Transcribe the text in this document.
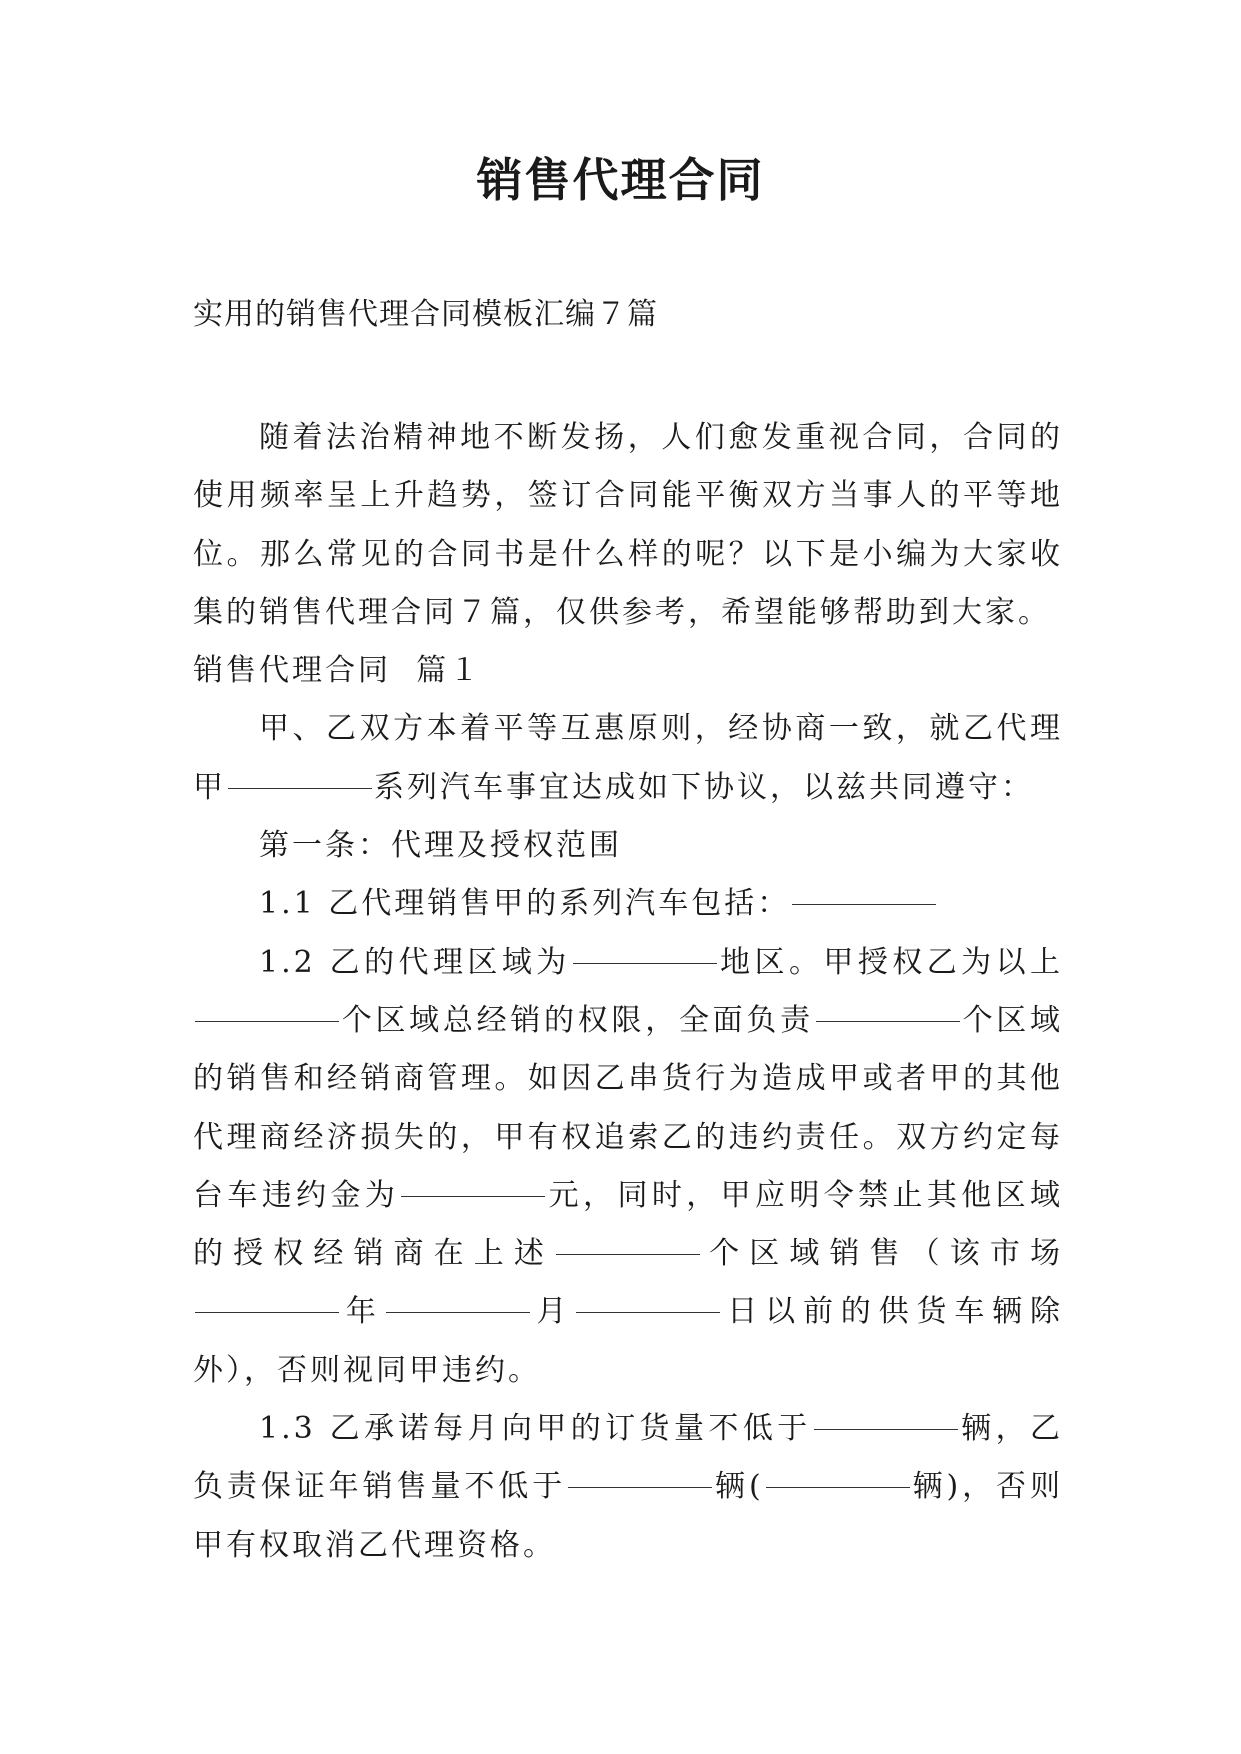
销售代理合同
实用的销售代理合同模板汇编７篇

随着法治精神地不断发扬，人们愈发重视合同，合同的使用频率呈上升趋势，签订合同能平衡双方当事人的平等地位。那么常见的合同书是什么样的呢？以下是小编为大家收集的销售代理合同７篇，仅供参考，希望能够帮助到大家。

销售代理合同  篇１

甲、乙双方本着平等互惠原则，经协商一致，就乙代理甲	系列汽车事宜达成如下协议，以兹共同遵守：

第一条：代理及授权范围

1.1 乙代理销售甲的系列汽车包括：

1.2 乙的代理区域为	地区。甲授权乙为以上个区域总经销的权限，全面负责	个区域的销售和经销商管理。如因乙串货行为造成甲或者甲的其他代理商经济损失的，甲有权追索乙的违约责任。双方约定每台车违约金为	元，同时，甲应明令禁止其他区域的授权经销商在上述	个区域销售（该市场年	月	日以前的供货车辆除外），否则视同甲违约。

1.3 乙承诺每月向甲的订货量不低于	辆，乙负责保证年销售量不低于	辆(	辆)，否则甲有权取消乙代理资格。
